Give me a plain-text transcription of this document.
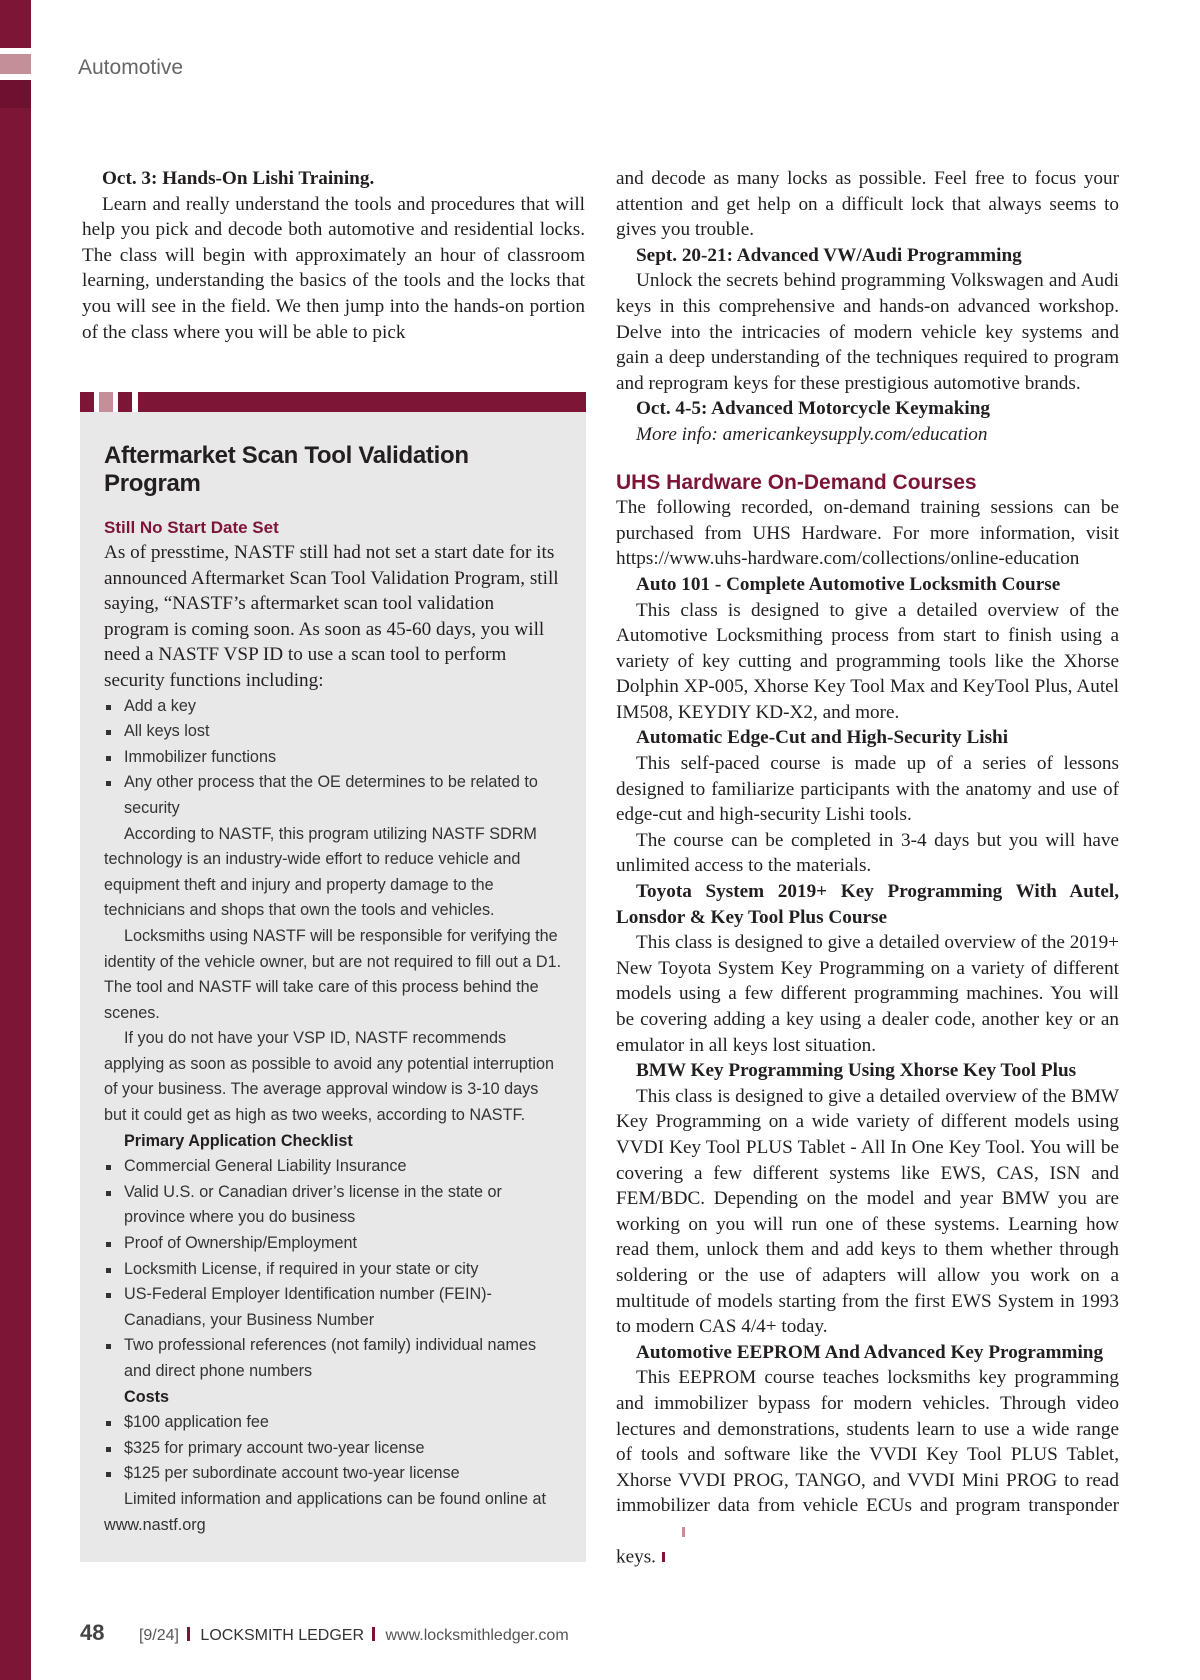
Automotive

Oct. 3: Hands-On Lishi Training.

Learn and really understand the tools and procedures that will help you pick and decode both automotive and residential locks. The class will begin with approximately an hour of classroom learning, understanding the basics of the tools and the locks that you will see in the field. We then jump into the hands-on portion of the class where you will be able to pick

Aftermarket Scan Tool Validation Program
Still No Start Date Set

As of presstime, NASTF still had not set a start date for its announced Aftermarket Scan Tool Validation Program, still saying, “NASTF’s aftermarket scan tool validation program is coming soon. As soon as 45-60 days, you will need a NASTF VSP ID to use a scan tool to perform security functions including:

Add a key
All keys lost
Immobilizer functions
Any other process that the OE determines to be related to security

According to NASTF, this program utilizing NASTF SDRM technology is an industry-wide effort to reduce vehicle and equipment theft and injury and property damage to the technicians and shops that own the tools and vehicles.

Locksmiths using NASTF will be responsible for verifying the identity of the vehicle owner, but are not required to fill out a D1. The tool and NASTF will take care of this process behind the scenes.

If you do not have your VSP ID, NASTF recommends applying as soon as possible to avoid any potential interruption of your business. The average approval window is 3-10 days but it could get as high as two weeks, according to NASTF.

Primary Application Checklist

Commercial General Liability Insurance
Valid U.S. or Canadian driver’s license in the state or province where you do business
Proof of Ownership/Employment
Locksmith License, if required in your state or city
US-Federal Employer Identification number (FEIN)-Canadians, your Business Number
Two professional references (not family) individual names and direct phone numbers

Costs

$100 application fee
$325 for primary account two-year license
$125 per subordinate account two-year license

Limited information and applications can be found online at www.nastf.org

and decode as many locks as possible. Feel free to focus your attention and get help on a difficult lock that always seems to gives you trouble.

Sept. 20-21: Advanced VW/Audi Programming

Unlock the secrets behind programming Volkswagen and Audi keys in this comprehensive and hands-on advanced workshop. Delve into the intricacies of modern vehicle key systems and gain a deep understanding of the techniques required to program and reprogram keys for these prestigious automotive brands.

Oct. 4-5: Advanced Motorcycle Keymaking

More info: americankeysupply.com/education

UHS Hardware On-Demand Courses

The following recorded, on-demand training sessions can be purchased from UHS Hardware. For more information, visit https://www.uhs-hardware.com/collections/online-education

Auto 101 - Complete Automotive Locksmith Course

This class is designed to give a detailed overview of the Automotive Locksmithing process from start to finish using a variety of key cutting and programming tools like the Xhorse Dolphin XP-005, Xhorse Key Tool Max and KeyTool Plus, Autel IM508, KEYDIY KD-X2, and more.

Automatic Edge-Cut and High-Security Lishi

This self-paced course is made up of a series of lessons designed to familiarize participants with the anatomy and use of edge-cut and high-security Lishi tools.

The course can be completed in 3-4 days but you will have unlimited access to the materials.

Toyota System 2019+ Key Programming With Autel, Lonsdor & Key Tool Plus Course

This class is designed to give a detailed overview of the 2019+ New Toyota System Key Programming on a variety of different models using a few different programming machines. You will be covering adding a key using a dealer code, another key or an emulator in all keys lost situation.

BMW Key Programming Using Xhorse Key Tool Plus

This class is designed to give a detailed overview of the BMW Key Programming on a wide variety of different models using VVDI Key Tool PLUS Tablet - All In One Key Tool. You will be covering a few different systems like EWS, CAS, ISN and FEM/BDC. Depending on the model and year BMW you are working on you will run one of these systems. Learning how read them, unlock them and add keys to them whether through soldering or the use of adapters will allow you work on a multitude of models starting from the first EWS System in 1993 to modern CAS 4/4+ today.

Automotive EEPROM And Advanced Key Programming

This EEPROM course teaches locksmiths key programming and immobilizer bypass for modern vehicles. Through video lectures and demonstrations, students learn to use a wide range of tools and software like the VVDI Key Tool PLUS Tablet, Xhorse VVDI PROG, TANGO, and VVDI Mini PROG to read immobilizer data from vehicle ECUs and program transponder keys.

48 [9/24] LOCKSMITH LEDGER www.locksmithledger.com
